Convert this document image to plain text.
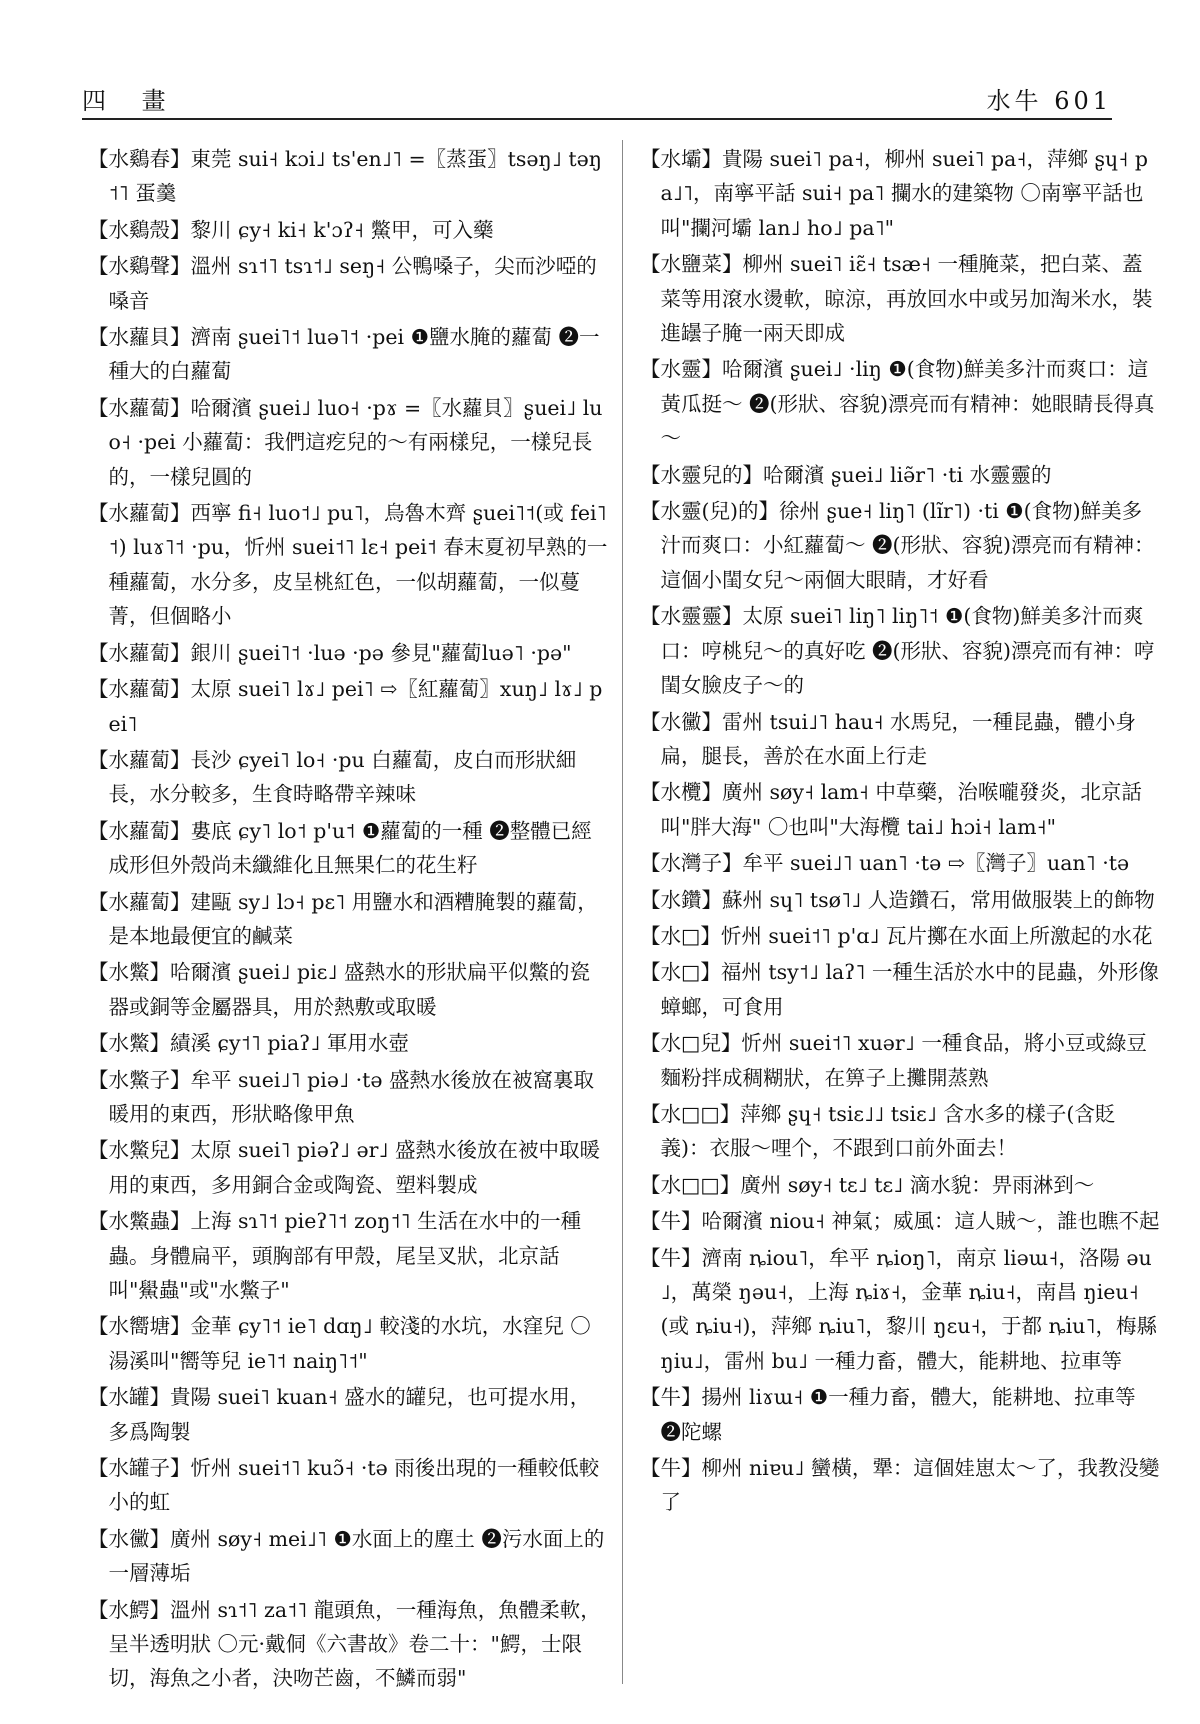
四 畫	水牛 601

【水鷄春】東莞 sui˧ kɔi˩ ts'en˩˥ =〖蒸蛋〗tsəŋ˩ təŋ˦˥ 蛋羹

【水鷄殼】黎川 ɕy˧ ki˧ k'ɔʔ˧ 鱉甲，可入藥

【水鷄聲】溫州 sɿ˦˥ tsɿ˦˩ seŋ˧ 公鴨嗓子，尖而沙啞的嗓音

【水蘿貝】濟南 ʂuei˥˦ luə˥˦ ·pei ❶鹽水腌的蘿蔔 ❷一種大的白蘿蔔

【水蘿蔔】哈爾濱 ʂuei˩ luo˧ ·pɤ =〖水蘿貝〗ʂuei˩ luo˧ ·pei 小蘿蔔：我們這疙兒的～有兩樣兒，一樣兒長的，一樣兒圓的

【水蘿蔔】西寧 fi˧ luo˦˩ pu˥，烏魯木齊 ʂuei˥˦(或 fei˥˦) luɤ˥˦ ·pu，忻州 suei˦˥ lɛ˧ pei˦ 春末夏初早熟的一種蘿蔔，水分多，皮呈桃紅色，一似胡蘿蔔，一似蔓菁，但個略小

【水蘿蔔】銀川 ʂuei˥˦ ·luə ·pə 參見"蘿蔔luə˥ ·pə"

【水蘿蔔】太原 suei˥ lɤ˩ pei˥ ⇨〖紅蘿蔔〗xuŋ˩ lɤ˩ pei˥

【水蘿蔔】長沙 ɕyei˥ lo˧ ·pu 白蘿蔔，皮白而形狀細長，水分較多，生食時略帶辛辣味

【水蘿蔔】婁底 ɕy˥ lo˦ p'u˦ ❶蘿蔔的一種 ❷整體已經成形但外殼尚未纖維化且無果仁的花生籽

【水蘿蔔】建甌 sy˩ lɔ˧ pɛ˥ 用鹽水和酒糟腌製的蘿蔔，是本地最便宜的鹹菜

【水鱉】哈爾濱 ʂuei˩ piɛ˩ 盛熱水的形狀扁平似鱉的瓷器或銅等金屬器具，用於熱敷或取暖

【水鱉】績溪 ɕy˦˥ piaʔ˩ 軍用水壺

【水鱉子】牟平 suei˩˥ piə˩ ·tə 盛熱水後放在被窩裏取暖用的東西，形狀略像甲魚

【水鱉兒】太原 suei˥ piəʔ˩ ər˩ 盛熱水後放在被中取暖用的東西，多用銅合金或陶瓷、塑料製成

【水鱉蟲】上海 sɿ˥˦ pieʔ˥˦ zoŋ˦˥ 生活在水中的一種蟲。身體扁平，頭胸部有甲殼，尾呈叉狀，北京話叫"鱟蟲"或"水鱉子"

【水嚮塘】金華 ɕy˥˦ ie˥ dɑŋ˩ 較淺的水坑，水窪兒 〇湯溪叫"嚮等兒 ie˥˦ naiŋ˥˦"

【水罐】貴陽 suei˥ kuan˧ 盛水的罐兒，也可提水用，多爲陶製

【水罐子】忻州 suei˦˥ kuɔ̃˧ ·tə 雨後出現的一種較低較小的虹

【水黴】廣州 søy˧ mei˩˥ ❶水面上的塵土 ❷污水面上的一層薄垢

【水鰐】溫州 sɿ˦˥ za˦˥ 龍頭魚，一種海魚，魚體柔軟，呈半透明狀 〇元·戴侗《六書故》卷二十："鰐，士限切，海魚之小者，決吻芒齒，不鱗而弱"

【水壩】貴陽 suei˥ pa˧，柳州 suei˥ pa˧，萍鄉 ʂɥ˧ pa˩˥，南寧平話 sui˧ pa˥ 攔水的建築物 〇南寧平話也叫"攔河壩 lan˩ ho˩ pa˥"

【水鹽菜】柳州 suei˥ iɛ̃˧ tsæ˧ 一種腌菜，把白菜、蓋菜等用滾水燙軟，晾涼，再放回水中或另加淘米水，裝進罎子腌一兩天即成

【水靈】哈爾濱 ʂuei˩ ·liŋ ❶(食物)鮮美多汁而爽口：這黃瓜挺～ ❷(形狀、容貌)漂亮而有精神：她眼睛長得真～

【水靈兒的】哈爾濱 ʂuei˩ liə̃r˥ ·ti 水靈靈的

【水靈(兒)的】徐州 ʂue˧ liŋ˥ (lĩr˥) ·ti ❶(食物)鮮美多汁而爽口：小紅蘿蔔～ ❷(形狀、容貌)漂亮而有精神：這個小閨女兒～兩個大眼睛，才好看

【水靈靈】太原 suei˥ liŋ˥ liŋ˥˦ ❶(食物)鮮美多汁而爽口：哼桃兒～的真好吃 ❷(形狀、容貌)漂亮而有神：哼閨女臉皮子～的

【水黴】雷州 tsui˩˥ hau˧ 水馬兒，一種昆蟲，體小身扁，腿長，善於在水面上行走

【水欖】廣州 søy˧ lam˧ 中草藥，治喉嚨發炎，北京話叫"胖大海" 〇也叫"大海欖 tai˩ hɔi˧ lam˧"

【水灣子】牟平 suei˩˥ uan˥ ·tə ⇨〖灣子〗uan˥ ·tə

【水鑽】蘇州 sɥ˥ tsø˥˩ 人造鑽石，常用做服裝上的飾物

【水□】忻州 suei˦˥ p'ɑ˩ 瓦片擲在水面上所激起的水花

【水□】福州 tsy˦˩ laʔ˥ 一種生活於水中的昆蟲，外形像蟑螂，可食用

【水□兒】忻州 suei˦˥ xuər˩ 一種食品，將小豆或綠豆麵粉拌成稠糊狀，在箅子上攤開蒸熟

【水□□】萍鄉 ʂɥ˧ tsiɛ˩˩ tsiɛ˩ 含水多的樣子(含貶義)：衣服～哩个，不跟到口前外面去！

【水□□】廣州 søy˧ tɛ˩ tɛ˩ 滴水貌：畀雨淋到～

【牛】哈爾濱 niou˧ 神氣；威風：這人賊～，誰也瞧不起

【牛】濟南 ȵiou˥，牟平 ȵioŋ˥，南京 liəɯ˧，洛陽 əu˩，萬榮 ŋəu˧，上海 ȵiɤ˧，金華 ȵiu˧，南昌 ŋieu˧(或 ȵiu˧)，萍鄉 ȵiu˥，黎川 ŋɛu˧，于都 ȵiu˥，梅縣 ŋiu˩，雷州 bu˩ 一種力畜，體大，能耕地、拉車等

【牛】揚州 liɤɯ˧ ❶一種力畜，體大，能耕地、拉車等 ❷陀螺

【牛】柳州 niɐu˩ 蠻橫，犟：這個娃崽太～了，我教没變了
